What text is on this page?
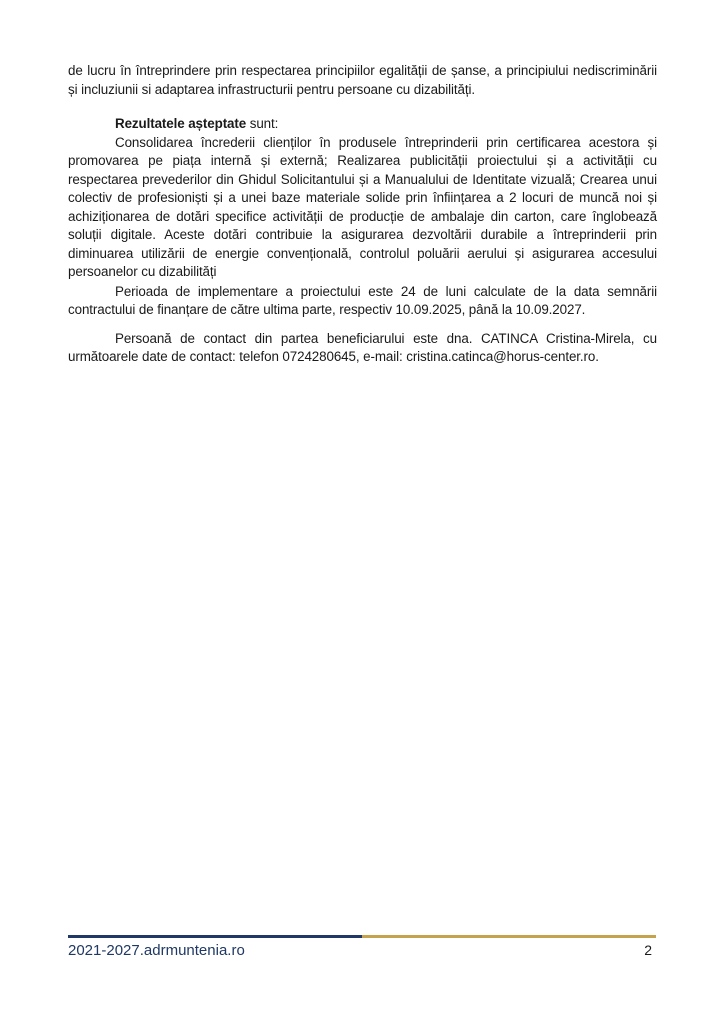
de lucru în întreprindere prin respectarea principiilor egalității de șanse, a principiului nediscriminării și incluziunii si adaptarea infrastructurii pentru persoane cu dizabilități.

Rezultatele așteptate sunt:

Consolidarea încrederii clienților în produsele întreprinderii prin certificarea acestora și promovarea pe piața internă și externă; Realizarea publicității proiectului și a activității cu respectarea prevederilor din Ghidul Solicitantului și a Manualului de Identitate vizuală; Crearea unui colectiv de profesioniști și a unei baze materiale solide prin înființarea a 2 locuri de muncă noi și achiziționarea de dotări specifice activității de producție de ambalaje din carton, care înglobează soluții digitale. Aceste dotări contribuie la asigurarea dezvoltării durabile a întreprinderii prin diminuarea utilizării de energie convențională, controlul poluării aerului și asigurarea accesului persoanelor cu dizabilități

Perioada de implementare a proiectului este 24 de luni calculate de la data semnării contractului de finanțare de către ultima parte, respectiv 10.09.2025, până la 10.09.2027.

Persoană de contact din partea beneficiarului este dna. CATINCA Cristina-Mirela, cu următoarele date de contact: telefon 0724280645, e-mail: cristina.catinca@horus-center.ro.

2021-2027.adrmuntenia.ro	2
